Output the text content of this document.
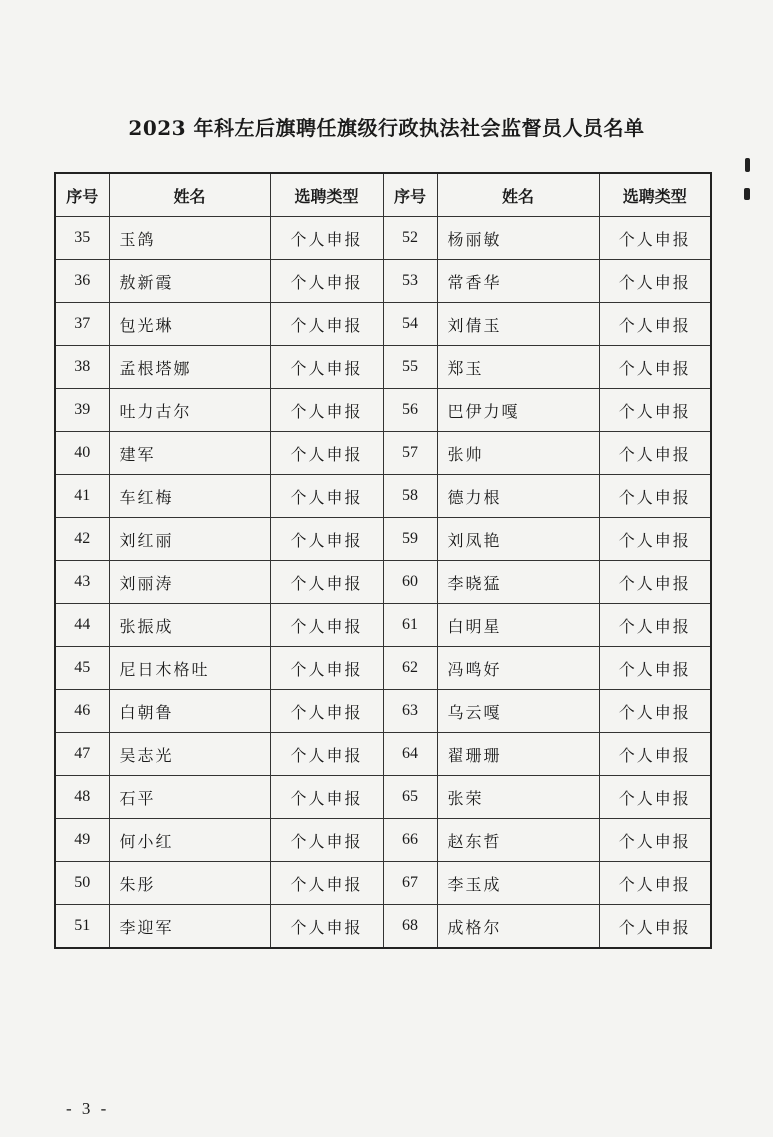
2023 年科左后旗聘任旗级行政执法社会监督员人员名单
序号	姓名	选聘类型	序号	姓名	选聘类型
35	玉鸽	个人申报	52	杨丽敏	个人申报
36	敖新霞	个人申报	53	常香华	个人申报
37	包光琳	个人申报	54	刘倩玉	个人申报
38	孟根塔娜	个人申报	55	郑玉	个人申报
39	吐力古尔	个人申报	56	巴伊力嘎	个人申报
40	建军	个人申报	57	张帅	个人申报
41	车红梅	个人申报	58	德力根	个人申报
42	刘红丽	个人申报	59	刘凤艳	个人申报
43	刘丽涛	个人申报	60	李晓猛	个人申报
44	张振成	个人申报	61	白明星	个人申报
45	尼日木格吐	个人申报	62	冯鸣好	个人申报
46	白朝鲁	个人申报	63	乌云嘎	个人申报
47	吴志光	个人申报	64	翟珊珊	个人申报
48	石平	个人申报	65	张荣	个人申报
49	何小红	个人申报	66	赵东哲	个人申报
50	朱彤	个人申报	67	李玉成	个人申报
51	李迎军	个人申报	68	成格尔	个人申报
- 3 -
